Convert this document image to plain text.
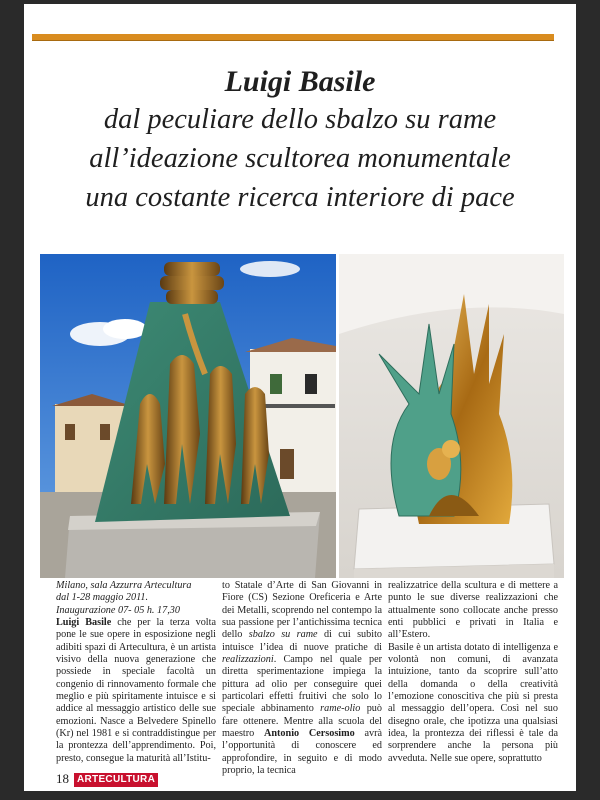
Luigi Basile
dal peculiare dello sbalzo su rame
all’ideazione scultorea monumentale
una costante ricerca interiore di pace
Milano, sala Azzurra Artecultura
dal 1-28 maggio 2011.
Inaugurazione 07- 05 h. 17,30

Luigi Basile che per la terza volta pone le sue opere in esposizione negli adibiti spazi di Artecultura, è un artista visivo della nuova generazione che possiede in speciale facoltà un congenio di rinnovamento formale che meglio e più spiritamente intuisce e si addice al messaggio artistico delle sue emozioni. Nasce a Belvedere Spinello (Kr) nel 1981 e si contraddistingue per la prontezza dell’apprendimento. Poi, presto, consegue la maturità all’Istitu-

to Statale d’Arte di San Giovanni in Fiore (CS) Sezione Oreficeria e Arte dei Metalli, scoprendo nel contempo la sua passione per l’antichissima tecnica dello sbalzo su rame di cui subito intuisce l’idea di nuove pratiche di realizzazioni. Campo nel quale per diretta sperimentazione impiega la pittura ad olio per conseguire quei particolari effetti fruitivi che solo lo speciale abbinamento rame-olio può fare ottenere. Mentre alla scuola del maestro Antonio Cersosimo avrà l’opportunità di conoscere ed approfondire, in seguito e di modo proprio, la tecnica

realizzatrice della scultura e di mettere a punto le sue diverse realizzazioni che attualmente sono collocate anche presso enti pubblici e privati in Italia e all’Estero.

Basile è un artista dotato di intelligenza e volontà non comuni, di avanzata intuizione, tanto da scoprire sull’atto della domanda o della creatività l’emozione conoscitiva che più si presta al messaggio dell’opera. Così nel suo disegno orale, che ipotizza una qualsiasi idea, la prontezza dei riflessi è tale da sorprendere anche la persona più avveduta. Nelle sue opere, soprattutto

18 ARTECULTURA
